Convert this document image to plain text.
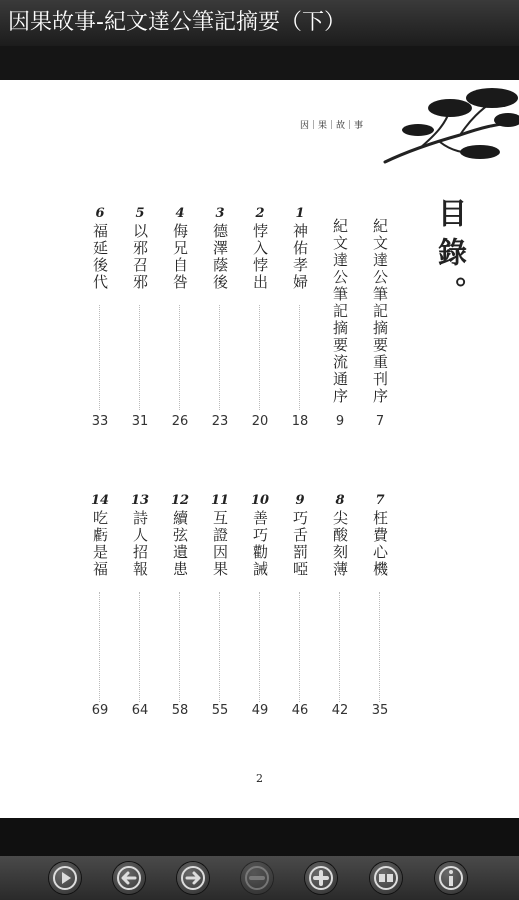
因果故事-紀文達公筆記摘要（下）
因｜果｜故｜事
目錄。
紀文達公筆記摘要重刊序
7
紀文達公筆記摘要流通序
9
1
神佑孝婦
18
2
悖入悖出
20
3
德澤蔭後
23
4
侮兄自咎
26
5
以邪召邪
31
6
福延後代
33
7
枉費心機
35
8
尖酸刻薄
42
9
巧舌罰啞
46
10
善巧勸誡
49
11
互證因果
55
12
續弦遺患
58
13
詩人招報
64
14
吃虧是福
69
2
